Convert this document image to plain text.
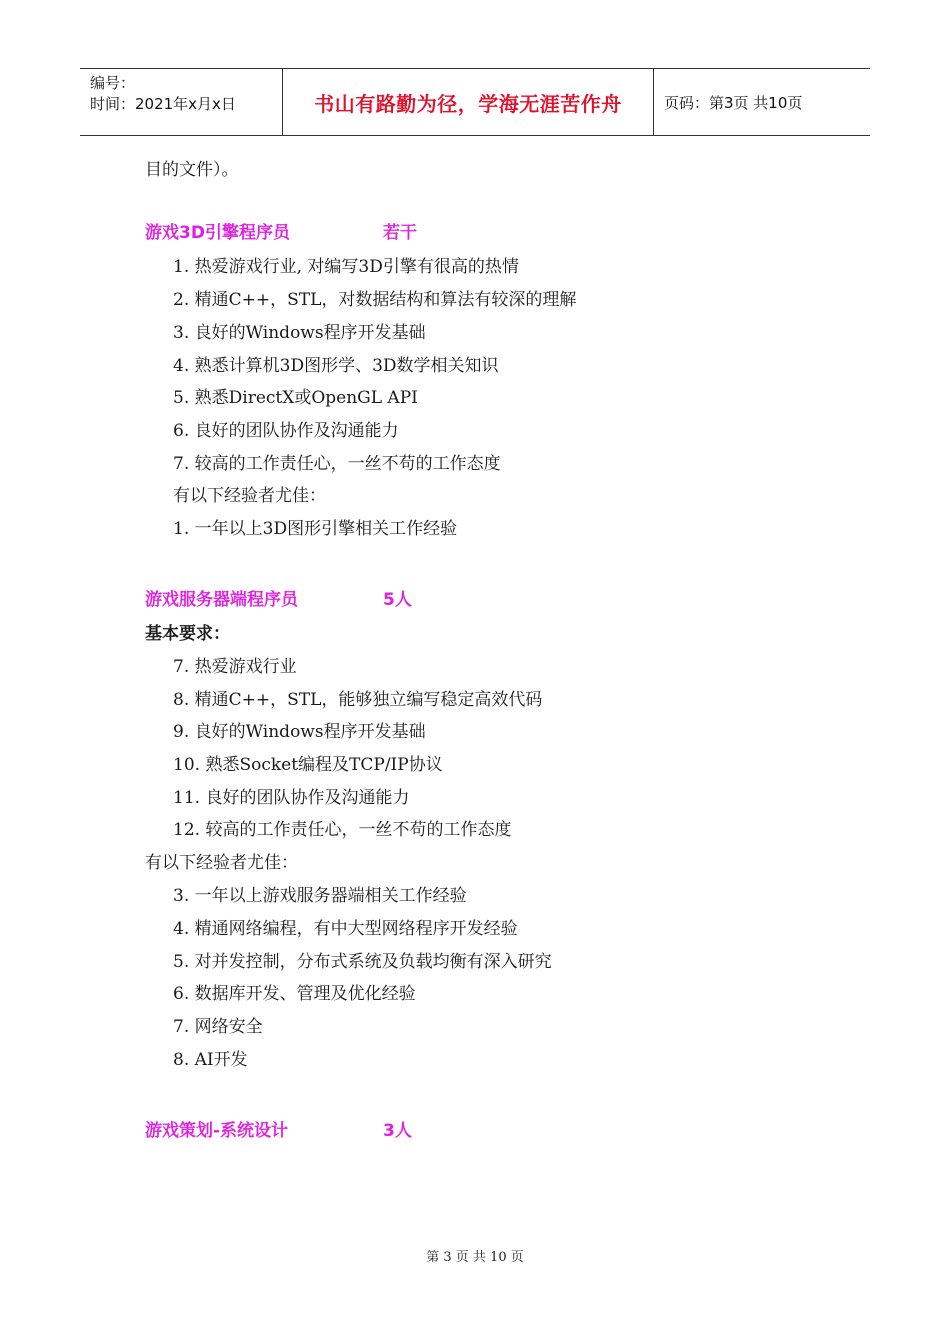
编号：
时间：2021年x月x日	书山有路勤为径，学海无涯苦作舟	页码：第3页 共10页
目的文件）。
游戏3D引擎程序员	若干
1. 热爱游戏行业, 对编写3D引擎有很高的热情
2. 精通C++，STL，对数据结构和算法有较深的理解
3. 良好的Windows程序开发基础
4. 熟悉计算机3D图形学、3D数学相关知识
5. 熟悉DirectX或OpenGL API
6. 良好的团队协作及沟通能力
7. 较高的工作责任心，一丝不苟的工作态度
有以下经验者尤佳：
1. 一年以上3D图形引擎相关工作经验
游戏服务器端程序员	5人
基本要求：
7. 热爱游戏行业
8. 精通C++，STL，能够独立编写稳定高效代码
9. 良好的Windows程序开发基础
10. 熟悉Socket编程及TCP/IP协议
11. 良好的团队协作及沟通能力
12. 较高的工作责任心，一丝不苟的工作态度
有以下经验者尤佳：
3. 一年以上游戏服务器端相关工作经验
4. 精通网络编程，有中大型网络程序开发经验
5. 对并发控制，分布式系统及负载均衡有深入研究
6. 数据库开发、管理及优化经验
7. 网络安全
8. AI开发
游戏策划-系统设计	3人
第 3 页 共 10 页
